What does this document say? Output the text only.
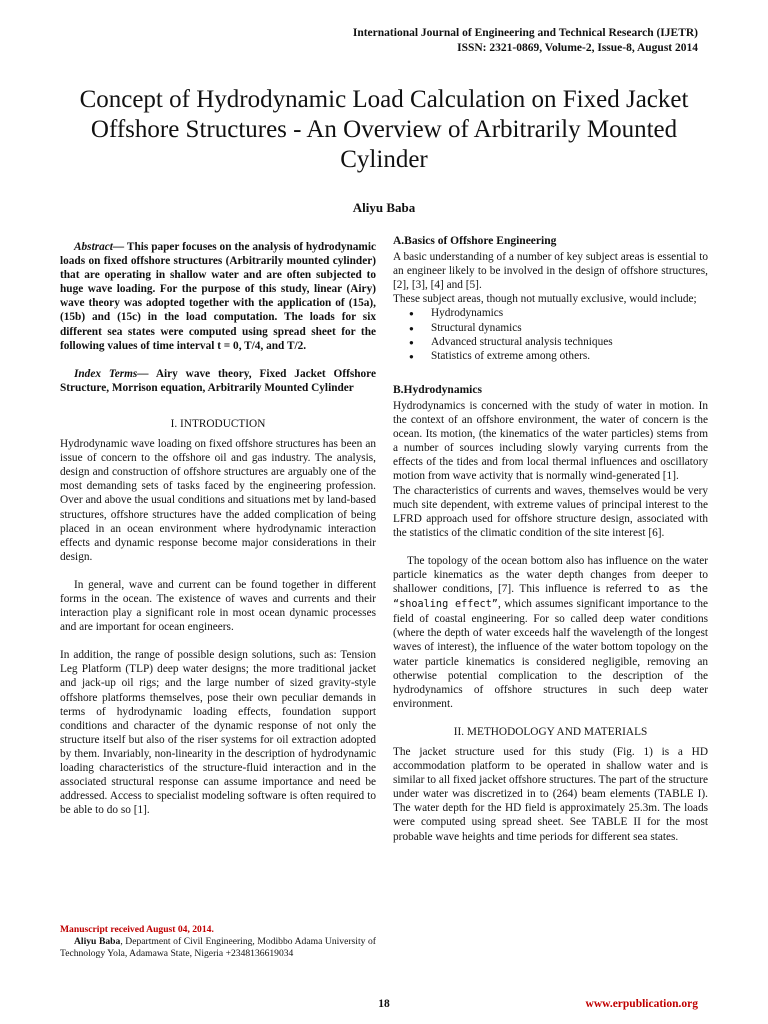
International Journal of Engineering and Technical Research (IJETR)
ISSN: 2321-0869, Volume-2, Issue-8, August 2014
Concept of Hydrodynamic Load Calculation on Fixed Jacket Offshore Structures - An Overview of Arbitrarily Mounted Cylinder
Aliyu Baba

Abstract— This paper focuses on the analysis of hydrodynamic loads on fixed offshore structures (Arbitrarily mounted cylinder) that are operating in shallow water and are often subjected to huge wave loading. For the purpose of this study, linear (Airy) wave theory was adopted together with the application of (15a), (15b) and (15c) in the load computation. The loads for six different sea states were computed using spread sheet for the following values of time interval t = 0, T/4, and T/2.

Index Terms— Airy wave theory, Fixed Jacket Offshore Structure, Morrison equation, Arbitrarily Mounted Cylinder

I. INTRODUCTION

Hydrodynamic wave loading on fixed offshore structures has been an issue of concern to the offshore oil and gas industry. The analysis, design and construction of offshore structures are arguably one of the most demanding sets of tasks faced by the engineering profession. Over and above the usual conditions and situations met by land-based structures, offshore structures have the added complication of being placed in an ocean environment where hydrodynamic interaction effects and dynamic response become major considerations in their design.

In general, wave and current can be found together in different forms in the ocean. The existence of waves and currents and their interaction play a significant role in most ocean dynamic processes and are important for ocean engineers.

In addition, the range of possible design solutions, such as: Tension Leg Platform (TLP) deep water designs; the more traditional jacket and jack-up oil rigs; and the large number of sized gravity-style offshore platforms themselves, pose their own peculiar demands in terms of hydrodynamic loading effects, foundation support conditions and character of the dynamic response of not only the structure itself but also of the riser systems for oil extraction adopted by them. Invariably, non-linearity in the description of hydrodynamic loading characteristics of the structure-fluid interaction and in the associated structural response can assume importance and need be addressed. Access to specialist modeling software is often required to be able to do so [1].

A.Basics of Offshore Engineering

A basic understanding of a number of key subject areas is essential to an engineer likely to be involved in the design of offshore structures, [2], [3], [4] and [5].

These subject areas, though not mutually exclusive, would include;

● Hydrodynamics
● Structural dynamics
● Advanced structural analysis techniques
● Statistics of extreme among others.
B.Hydrodynamics

Hydrodynamics is concerned with the study of water in motion. In the context of an offshore environment, the water of concern is the ocean. Its motion, (the kinematics of the water particles) stems from a number of sources including slowly varying currents from the effects of the tides and from local thermal influences and oscillatory motion from wave activity that is normally wind-generated [1].

The characteristics of currents and waves, themselves would be very much site dependent, with extreme values of principal interest to the LFRD approach used for offshore structure design, associated with the statistics of the climatic condition of the site interest [6].

The topology of the ocean bottom also has influence on the water particle kinematics as the water depth changes from deeper to shallower conditions, [7]. This influence is referred to as the “shoaling effect”, which assumes significant importance to the field of coastal engineering. For so called deep water conditions (where the depth of water exceeds half the wavelength of the longest waves of interest), the influence of the water bottom topology on the water particle kinematics is considered negligible, removing an otherwise potential complication to the description of the hydrodynamics of offshore structures in such deep water environment.

II. METHODOLOGY AND MATERIALS

The jacket structure used for this study (Fig. 1) is a HD accommodation platform to be operated in shallow water and is similar to all fixed jacket offshore structures. The part of the structure under water was discretized in to (264) beam elements (TABLE I). The water depth for the HD field is approximately 25.3m. The loads were computed using spread sheet. See TABLE II for the most probable wave heights and time periods for different sea states.

Manuscript received August 04, 2014.
Aliyu Baba, Department of Civil Engineering, Modibbo Adama University of Technology Yola, Adamawa State, Nigeria +2348136619034
18	www.erpublication.org
